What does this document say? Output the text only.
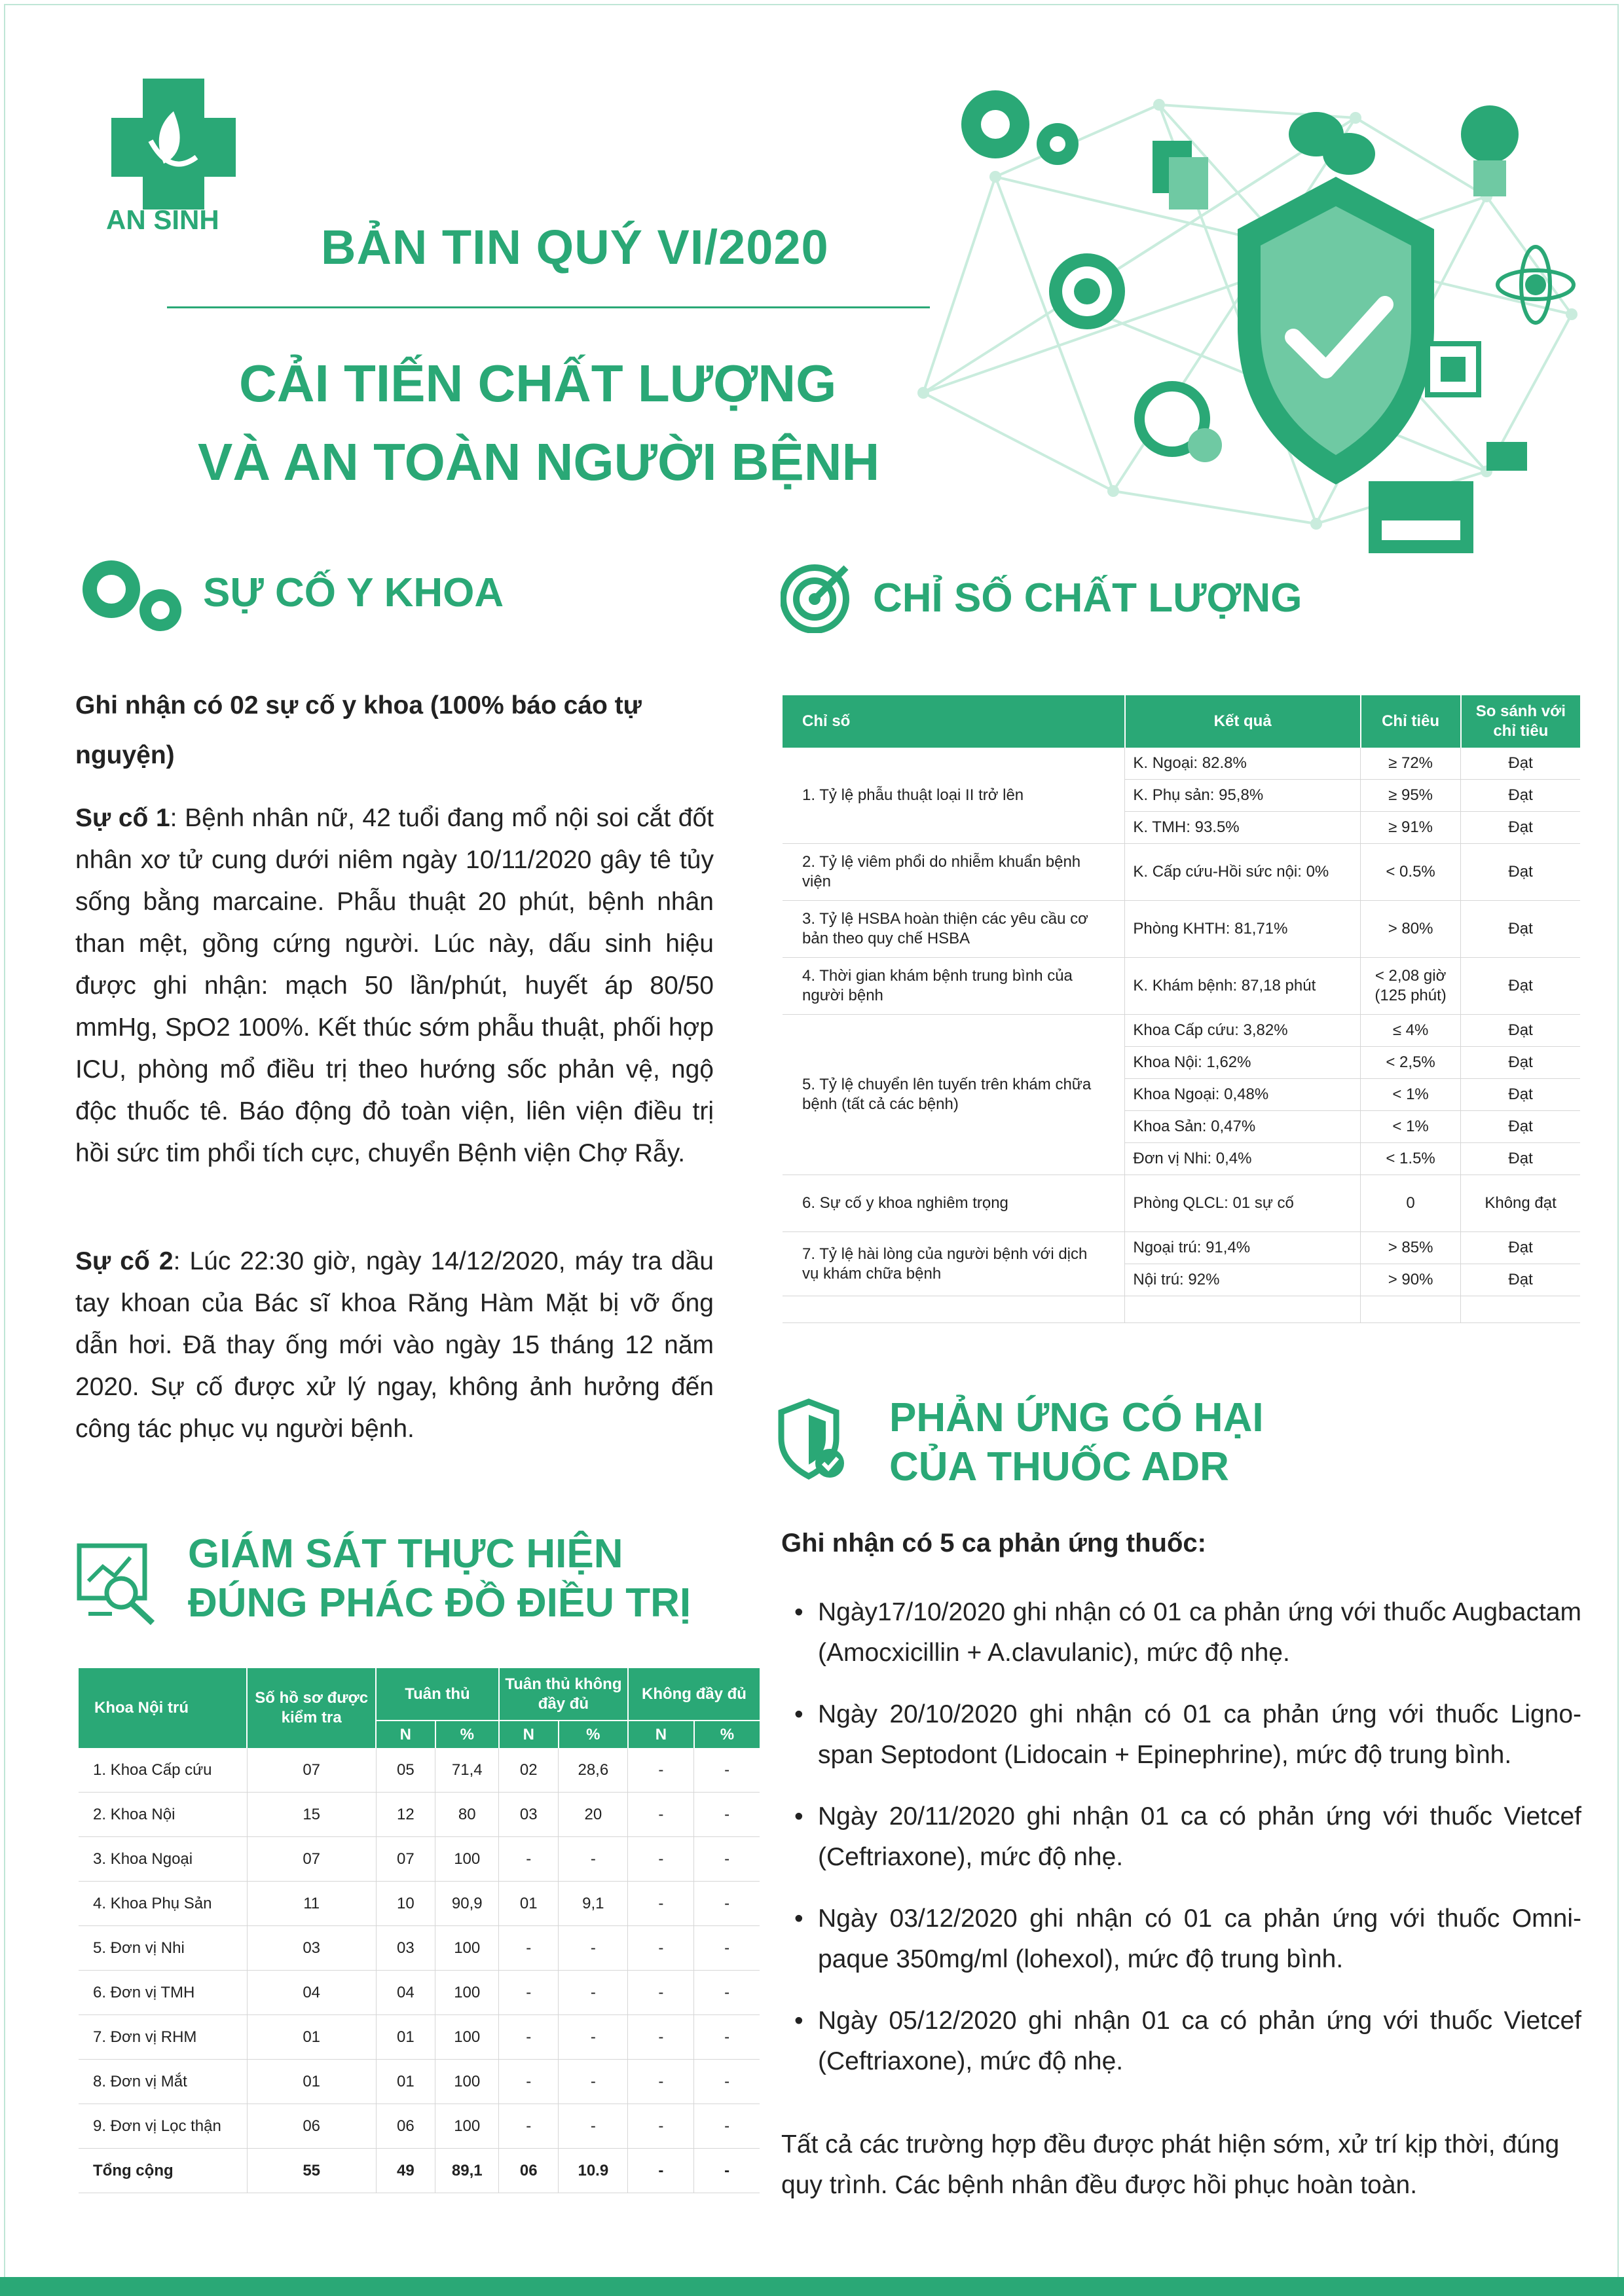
AN SINH
BẢN TIN QUÝ VI/2020
CẢI TIẾN CHẤT LƯỢNG
VÀ AN TOÀN NGƯỜI BỆNH
SỰ CỐ Y KHOA
Ghi nhận có 02 sự cố y khoa (100% báo cáo tự nguyện)
Sự cố 1: Bệnh nhân nữ, 42 tuổi đang mổ nội soi cắt đốt nhân xơ tử cung dưới niêm ngày 10/11/2020 gây tê tủy sống bằng marcaine. Phẫu thuật 20 phút, bệnh nhân than mệt, gồng cứng người. Lúc này, dấu sinh hiệu được ghi nhận: mạch 50 lần/phút, huyết áp 80/50 mmHg, SpO2 100%. Kết thúc sớm phẫu thuật, phối hợp ICU, phòng mổ điều trị theo hướng sốc phản vệ, ngộ độc thuốc tê. Báo động đỏ toàn viện, liên viện điều trị hồi sức tim phổi tích cực, chuyển Bệnh viện Chợ Rẫy.
Sự cố 2: Lúc 22:30 giờ, ngày 14/12/2020, máy tra dầu tay khoan của Bác sĩ khoa Răng Hàm Mặt bị vỡ ống dẫn hơi. Đã thay ống mới vào ngày 15 tháng 12 năm 2020. Sự cố được xử lý ngay, không ảnh hưởng đến công tác phục vụ người bệnh.
CHỈ SỐ CHẤT LƯỢNG
Chỉ số	Kết quả	Chỉ tiêu	So sánh với chỉ tiêu
1. Tỷ lệ phẫu thuật loại II trở lên	K. Ngoại: 82.8%	≥ 72%	Đạt
	K. Phụ sản: 95,8%	≥ 95%	Đạt
	K. TMH: 93.5%	≥ 91%	Đạt
2. Tỷ lệ viêm phổi do nhiễm khuẩn bệnh viện	K. Cấp cứu-Hồi sức nội: 0%	< 0.5%	Đạt
3. Tỷ lệ HSBA hoàn thiện các yêu cầu cơ bản theo quy chế HSBA	Phòng KHTH: 81,71%	> 80%	Đạt
4. Thời gian khám bệnh trung bình của người bệnh	K. Khám bệnh: 87,18 phút	< 2,08 giờ (125 phút)	Đạt
5. Tỷ lệ chuyển lên tuyến trên khám chữa bệnh (tất cả các bệnh)	Khoa Cấp cứu: 3,82%	≤ 4%	Đạt
	Khoa Nội: 1,62%	< 2,5%	Đạt
	Khoa Ngoại: 0,48%	< 1%	Đạt
	Khoa Sản: 0,47%	< 1%	Đạt
	Đơn vị Nhi: 0,4%	< 1.5%	Đạt
6. Sự cố y khoa nghiêm trọng	Phòng QLCL: 01 sự cố	0	Không đạt
7. Tỷ lệ hài lòng của người bệnh với dịch vụ khám chữa bệnh	Ngoại trú: 91,4%	> 85%	Đạt
	Nội trú: 92%	> 90%	Đạt

PHẢN ỨNG CÓ HẠI
CỦA THUỐC ADR
Ghi nhận có 5 ca phản ứng thuốc:
• Ngày17/10/2020 ghi nhận có 01 ca phản ứng với thuốc Augbactam (Amocxicillin + A.clavulanic), mức độ nhẹ.
• Ngày 20/10/2020 ghi nhận có 01 ca phản ứng với thuốc Ligno-span Septodont (Lidocain + Epinephrine), mức độ trung bình.
• Ngày 20/11/2020 ghi nhận 01 ca có phản ứng với thuốc Vietcef (Ceftriaxone), mức độ nhẹ.
• Ngày 03/12/2020 ghi nhận có 01 ca phản ứng với thuốc Omni-paque 350mg/ml (lohexol), mức độ trung bình.
• Ngày 05/12/2020 ghi nhận 01 ca có phản ứng với thuốc Vietcef (Ceftriaxone), mức độ nhẹ.
Tất cả các trường hợp đều được phát hiện sớm, xử trí kịp thời, đúng quy trình. Các bệnh nhân đều được hồi phục hoàn toàn.
GIÁM SÁT THỰC HIỆN
ĐÚNG PHÁC ĐỒ ĐIỀU TRỊ
Khoa Nội trú	Số hồ sơ được kiểm tra	Tuân thủ		Tuân thủ không đầy đủ		Không đầy đủ	
		N	%	N	%	N	%
1. Khoa Cấp cứu	07	05	71,4	02	28,6	-	-
2. Khoa Nội	15	12	80	03	20	-	-
3. Khoa Ngoại	07	07	100	-	-	-	-
4. Khoa Phụ Sản	11	10	90,9	01	9,1	-	-
5. Đơn vị Nhi	03	03	100	-	-	-	-
6. Đơn vị TMH	04	04	100	-	-	-	-
7. Đơn vị RHM	01	01	100	-	-	-	-
8. Đơn vị Mắt	01	01	100	-	-	-	-
9. Đơn vị Lọc thận	06	06	100	-	-	-	-
Tổng cộng	55	49	89,1	06	10.9	-	-
